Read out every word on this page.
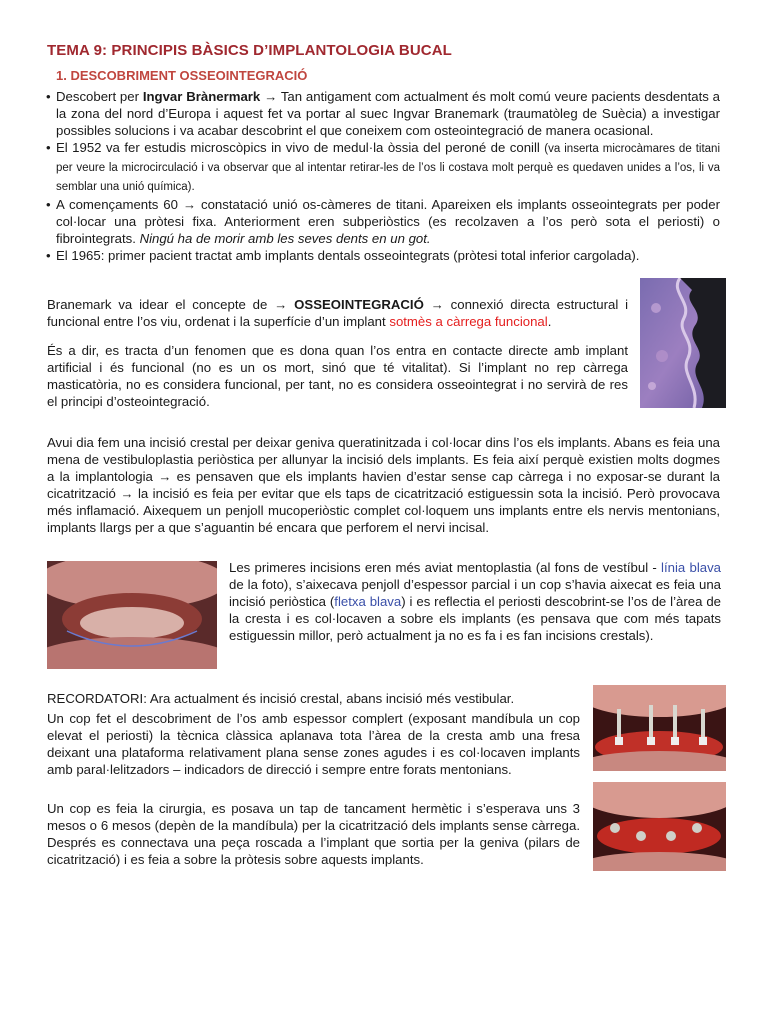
TEMA 9: PRINCIPIS BÀSICS D’IMPLANTOLOGIA BUCAL
1. DESCOBRIMENT OSSEOINTEGRACIÓ
• Descobert per Ingvar Brànermark → Tan antigament com actualment és molt comú veure pacients desdentats a la zona del nord d’Europa i aquest fet va portar al suec Ingvar Branemark (traumatòleg de Suècia) a investigar possibles solucions i va acabar descobrint el que coneixem com osteointegració de manera ocasional.
• El 1952 va fer estudis microscòpics in vivo de medul·la òssia del peroné de conill (va inserta microcàmares de titani per veure la microcirculació i va observar que al intentar retirar-les de l’os li costava molt perquè es quedaven unides a l’os, li va semblar una unió química).
• A començaments 60 → constatació unió os-càmeres de titani. Apareixen els implants osseointegrats per poder col·locar una pròtesi fixa. Anteriorment eren subperiòstics (es recolzaven a l’os però sota el periosti) o fibrointegrats. Ningú ha de morir amb les seves dents en un got.
• El 1965: primer pacient tractat amb implants dentals osseointegrats (pròtesi total inferior cargolada).

Branemark va idear el concepte de → OSSEOINTEGRACIÓ → connexió directa estructural i funcional entre l’os viu, ordenat i la superfície d’un implant sotmès a càrrega funcional.

És a dir, es tracta d’un fenomen que es dona quan l’os entra en contacte directe amb implant artificial i és funcional (no es un os mort, sinó que té vitalitat). Si l’implant no rep càrrega masticatòria, no es considera funcional, per tant, no es considera osseointegrat i no servirà de res el principi d’osteointegració.

Avui dia fem una incisió crestal per deixar geniva queratinitzada i col·locar dins l’os els implants. Abans es feia una mena de vestibuloplastia periòstica per allunyar la incisió dels implants. Es feia així perquè existien molts dogmes a la implantologia → es pensaven que els implants havien d’estar sense cap càrrega i no exposar-se durant la cicatrització → la incisió es feia per evitar que els taps de cicatrització estiguessin sota la incisió. Però provocava més inflamació. Aixequem un penjoll mucoperiòstic complet col·loquem uns implants entre els nervis mentonians, implants llargs per a que s’aguantin bé encara que perforem el nervi incisal.

Les primeres incisions eren més aviat mentoplastia (al fons de vestíbul - línia blava de la foto), s’aixecava penjoll d’espessor parcial i un cop s’havia aixecat es feia una incisió periòstica (fletxa blava) i es reflectia el periosti descobrint-se l’os de l’àrea de la cresta i es col·locaven a sobre els implants (es pensava que com més tapats estiguessin millor, però actualment ja no es fa i es fan incisions crestals).

RECORDATORI: Ara actualment és incisió crestal, abans incisió més vestibular.

Un cop fet el descobriment de l’os amb espessor complert (exposant mandíbula un cop elevat el periosti) la tècnica clàssica aplanava tota l’àrea de la cresta amb una fresa deixant una plataforma relativament plana sense zones agudes i es col·locaven implants amb paral·lelitzadors – indicadors de direcció i sempre entre forats mentonians.

Un cop es feia la cirurgia, es posava un tap de tancament hermètic i s’esperava uns 3 mesos o 6 mesos (depèn de la mandíbula) per la cicatrització dels implants sense càrrega. Després es connectava una peça roscada a l’implant que sortia per la geniva (pilars de cicatrització) i es feia a sobre la pròtesis sobre aquests implants.
